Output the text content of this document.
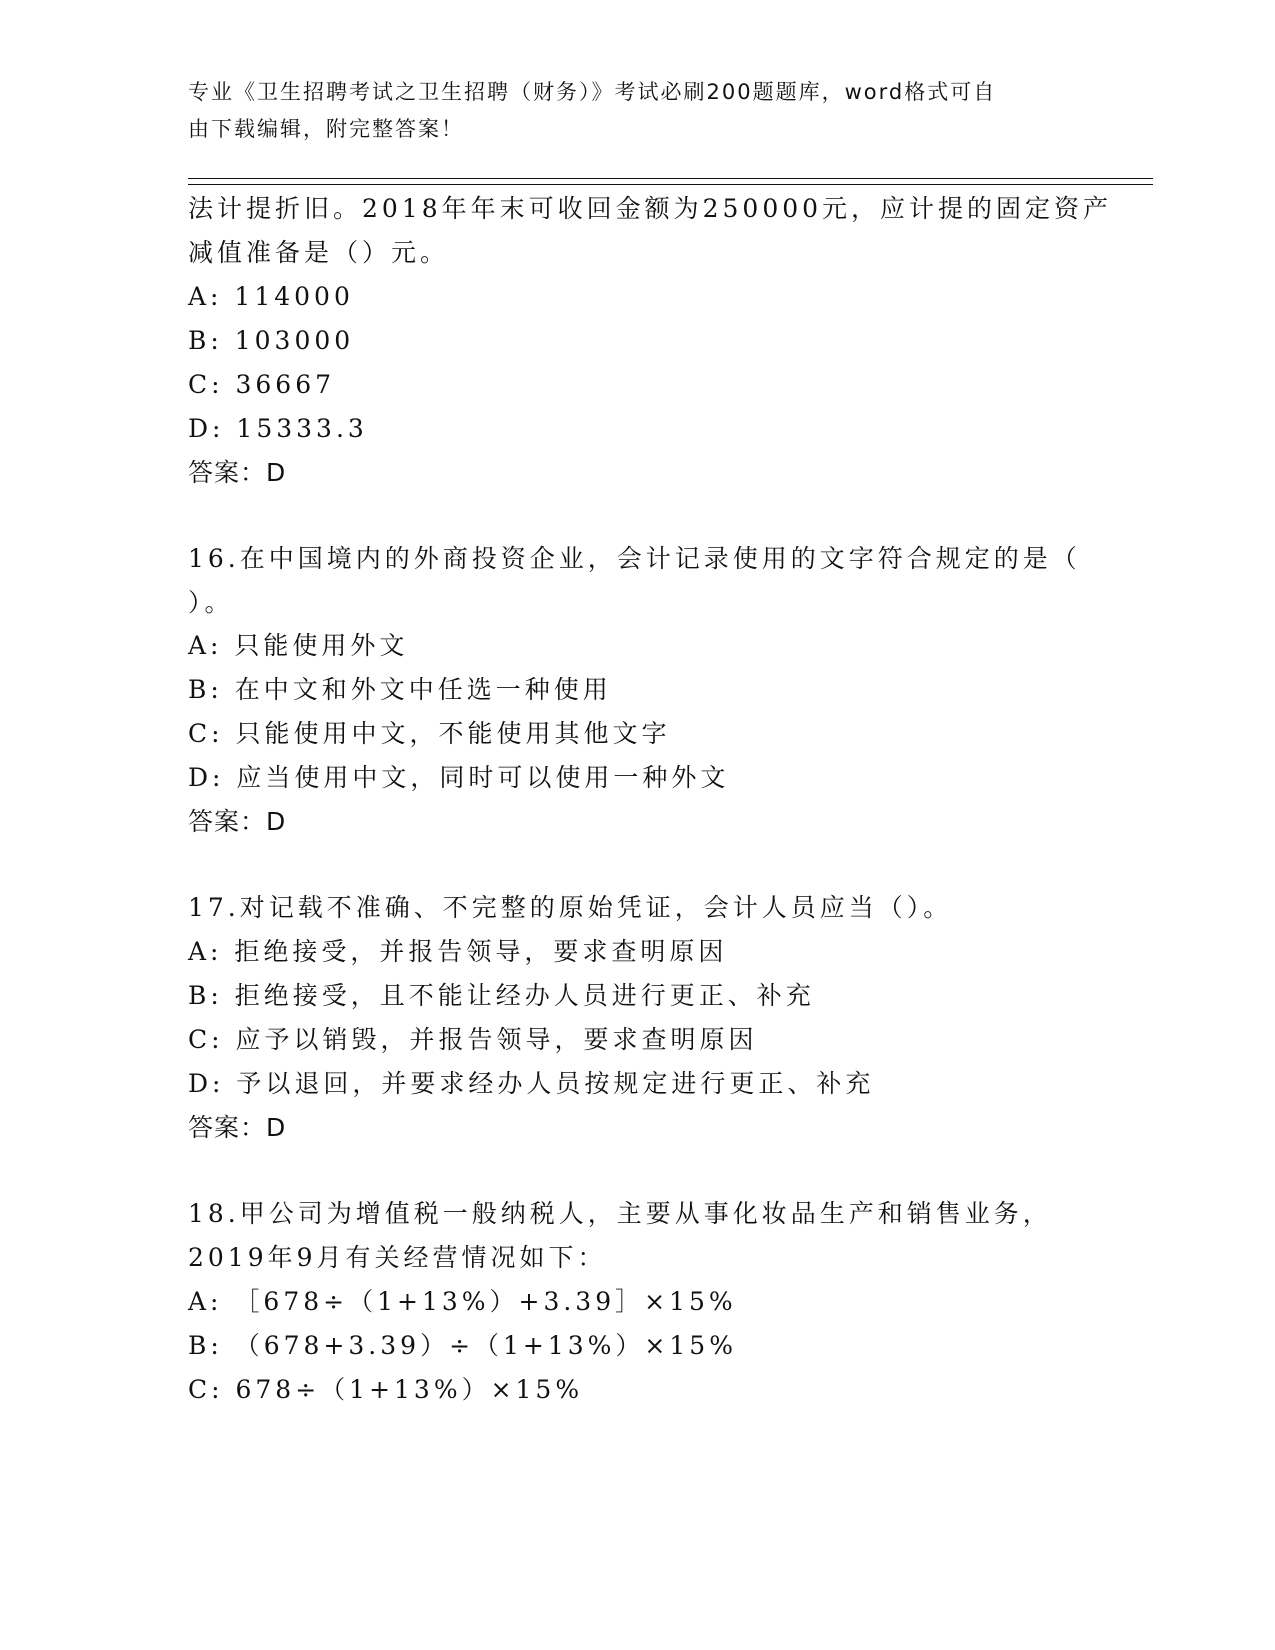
专业《卫生招聘考试之卫生招聘（财务）》考试必刷200题题库，word格式可自
由下载编辑，附完整答案！
法计提折旧。2018年年末可收回金额为250000元，应计提的固定资产
减值准备是（）元。
A: 114000
B: 103000
C: 36667
D: 15333.3
答案：D
16.在中国境内的外商投资企业，会计记录使用的文字符合规定的是（
）。
A: 只能使用外文
B: 在中文和外文中任选一种使用
C: 只能使用中文，不能使用其他文字
D: 应当使用中文，同时可以使用一种外文
答案：D
17.对记载不准确、不完整的原始凭证，会计人员应当（）。
A: 拒绝接受，并报告领导，要求查明原因
B: 拒绝接受，且不能让经办人员进行更正、补充
C: 应予以销毁，并报告领导，要求查明原因
D: 予以退回，并要求经办人员按规定进行更正、补充
答案：D
18.甲公司为增值税一般纳税人，主要从事化妆品生产和销售业务，
2019年9月有关经营情况如下：
A: ［678÷（1+13%）+3.39］×15%
B: （678+3.39）÷（1+13%）×15%
C: 678÷（1+13%）×15%
